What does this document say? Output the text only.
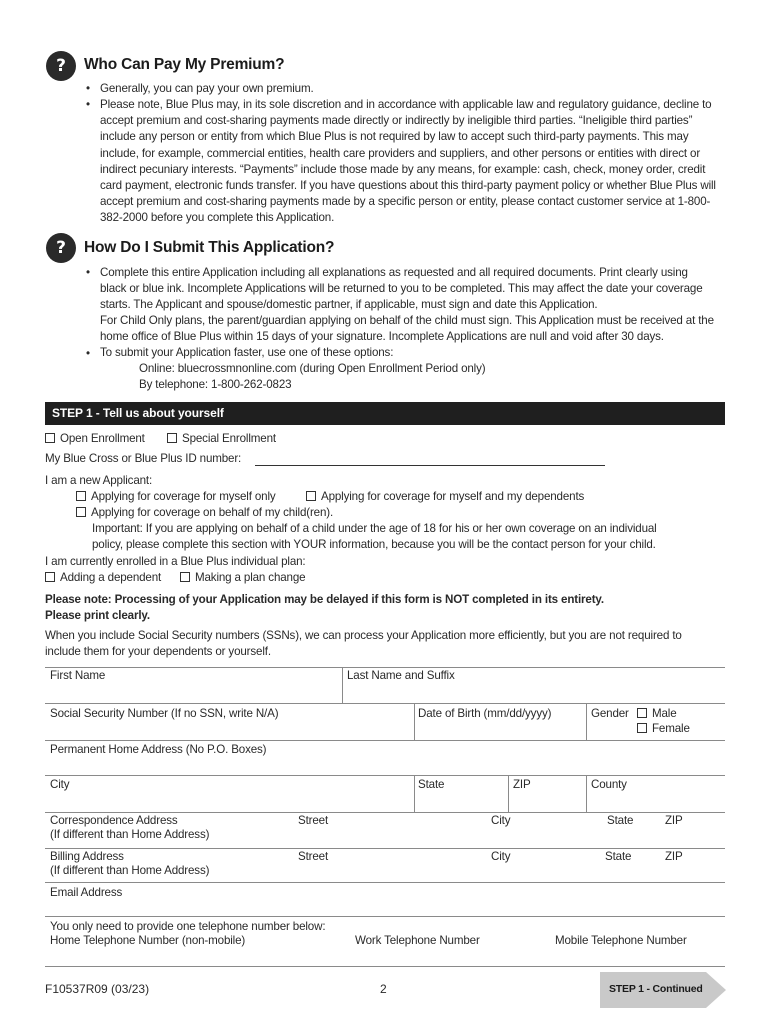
?	Who Can Pay My Premium?
• Generally, you can pay your own premium.
• Please note, Blue Plus may, in its sole discretion and in accordance with applicable law and regulatory guidance, decline to accept premium and cost-sharing payments made directly or indirectly by ineligible third parties. “Ineligible third parties” include any person or entity from which Blue Plus is not required by law to accept such third-party payments. This may include, for example, commercial entities, health care providers and suppliers, and other persons or entities with direct or indirect pecuniary interests. “Payments” include those made by any means, for example: cash, check, money order, credit card payment, electronic funds transfer. If you have questions about this third-party payment policy or whether Blue Plus will accept premium and cost-sharing payments made by a specific person or entity, please contact customer service at 1-800-382-2000 before you complete this Application.
?	How Do I Submit This Application?
• Complete this entire Application including all explanations as requested and all required documents. Print clearly using black or blue ink. Incomplete Applications will be returned to you to be completed. This may affect the date your coverage starts. The Applicant and spouse/domestic partner, if applicable, must sign and date this Application.
For Child Only plans, the parent/guardian applying on behalf of the child must sign. This Application must be received at the home office of Blue Plus within 15 days of your signature. Incomplete Applications are null and void after 30 days.
• To submit your Application faster, use one of these options:
Online: bluecrossmnonline.com (during Open Enrollment Period only)
By telephone: 1-800-262-0823
STEP 1 - Tell us about yourself
Open Enrollment	Special Enrollment
My Blue Cross or Blue Plus ID number:
I am a new Applicant:
Applying for coverage for myself only	Applying for coverage for myself and my dependents
Applying for coverage on behalf of my child(ren).
Important: If you are applying on behalf of a child under the age of 18 for his or her own coverage on an individual
policy, please complete this section with YOUR information, because you will be the contact person for your child.
I am currently enrolled in a Blue Plus individual plan:
Adding a dependent	Making a plan change
Please note: Processing of your Application may be delayed if this form is NOT completed in its entirety.
Please print clearly.
When you include Social Security numbers (SSNs), we can process your Application more efficiently, but you are not required to
include them for your dependents or yourself.
First Name	Last Name and Suffix
Social Security Number (If no SSN, write N/A)	Date of Birth (mm/dd/yyyy)	Gender	Male
Female
Permanent Home Address (No P.O. Boxes)
City	State	ZIP	County
Correspondence Address
(If different than Home Address)
Street	City	State	ZIP
Billing Address
(If different than Home Address)
Street	City	State	ZIP
Email Address
You only need to provide one telephone number below:
Home Telephone Number (non-mobile)	Work Telephone Number	Mobile Telephone Number
F10537R09 (03/23)	2	STEP 1 - Continued
